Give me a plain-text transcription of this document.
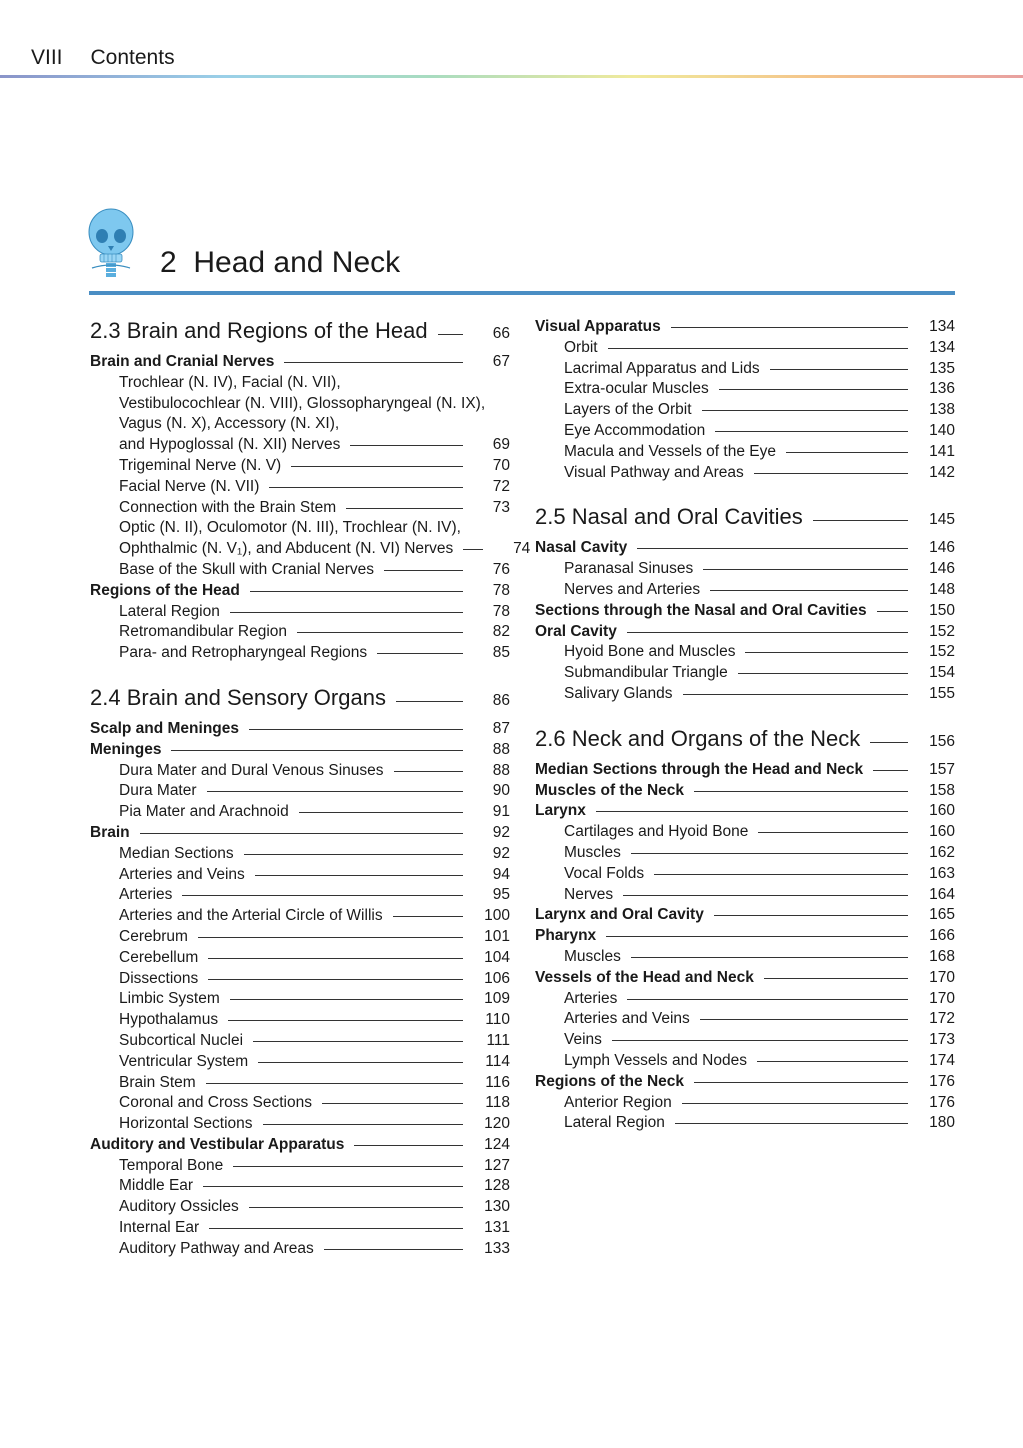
VIII Contents
2 Head and Neck
2.3 Brain and Regions of the Head	66
Brain and Cranial Nerves	67
Trochlear (N. IV), Facial (N. VII),
Vestibulocochlear (N. VIII), Glossopharyngeal (N. IX),
Vagus (N. X), Accessory (N. XI),
and Hypoglossal (N. XII) Nerves	69
Trigeminal Nerve (N. V)	70
Facial Nerve (N. VII)	72
Connection with the Brain Stem	73
Optic (N. II), Oculomotor (N. III), Trochlear (N. IV),
Ophthalmic (N. V₁), and Abducent (N. VI) Nerves	74
Base of the Skull with Cranial Nerves	76
Regions of the Head	78
Lateral Region	78
Retromandibular Region	82
Para- and Retropharyngeal Regions	85
2.4 Brain and Sensory Organs	86
Scalp and Meninges	87
Meninges	88
Dura Mater and Dural Venous Sinuses	88
Dura Mater	90
Pia Mater and Arachnoid	91
Brain	92
Median Sections	92
Arteries and Veins	94
Arteries	95
Arteries and the Arterial Circle of Willis	100
Cerebrum	101
Cerebellum	104
Dissections	106
Limbic System	109
Hypothalamus	110
Subcortical Nuclei	111
Ventricular System	114
Brain Stem	116
Coronal and Cross Sections	118
Horizontal Sections	120
Auditory and Vestibular Apparatus	124
Temporal Bone	127
Middle Ear	128
Auditory Ossicles	130
Internal Ear	131
Auditory Pathway and Areas	133
Visual Apparatus	134
Orbit	134
Lacrimal Apparatus and Lids	135
Extra-ocular Muscles	136
Layers of the Orbit	138
Eye Accommodation	140
Macula and Vessels of the Eye	141
Visual Pathway and Areas	142
2.5 Nasal and Oral Cavities	145
Nasal Cavity	146
Paranasal Sinuses	146
Nerves and Arteries	148
Sections through the Nasal and Oral Cavities	150
Oral Cavity	152
Hyoid Bone and Muscles	152
Submandibular Triangle	154
Salivary Glands	155
2.6 Neck and Organs of the Neck	156
Median Sections through the Head and Neck	157
Muscles of the Neck	158
Larynx	160
Cartilages and Hyoid Bone	160
Muscles	162
Vocal Folds	163
Nerves	164
Larynx and Oral Cavity	165
Pharynx	166
Muscles	168
Vessels of the Head and Neck	170
Arteries	170
Arteries and Veins	172
Veins	173
Lymph Vessels and Nodes	174
Regions of the Neck	176
Anterior Region	176
Lateral Region	180
